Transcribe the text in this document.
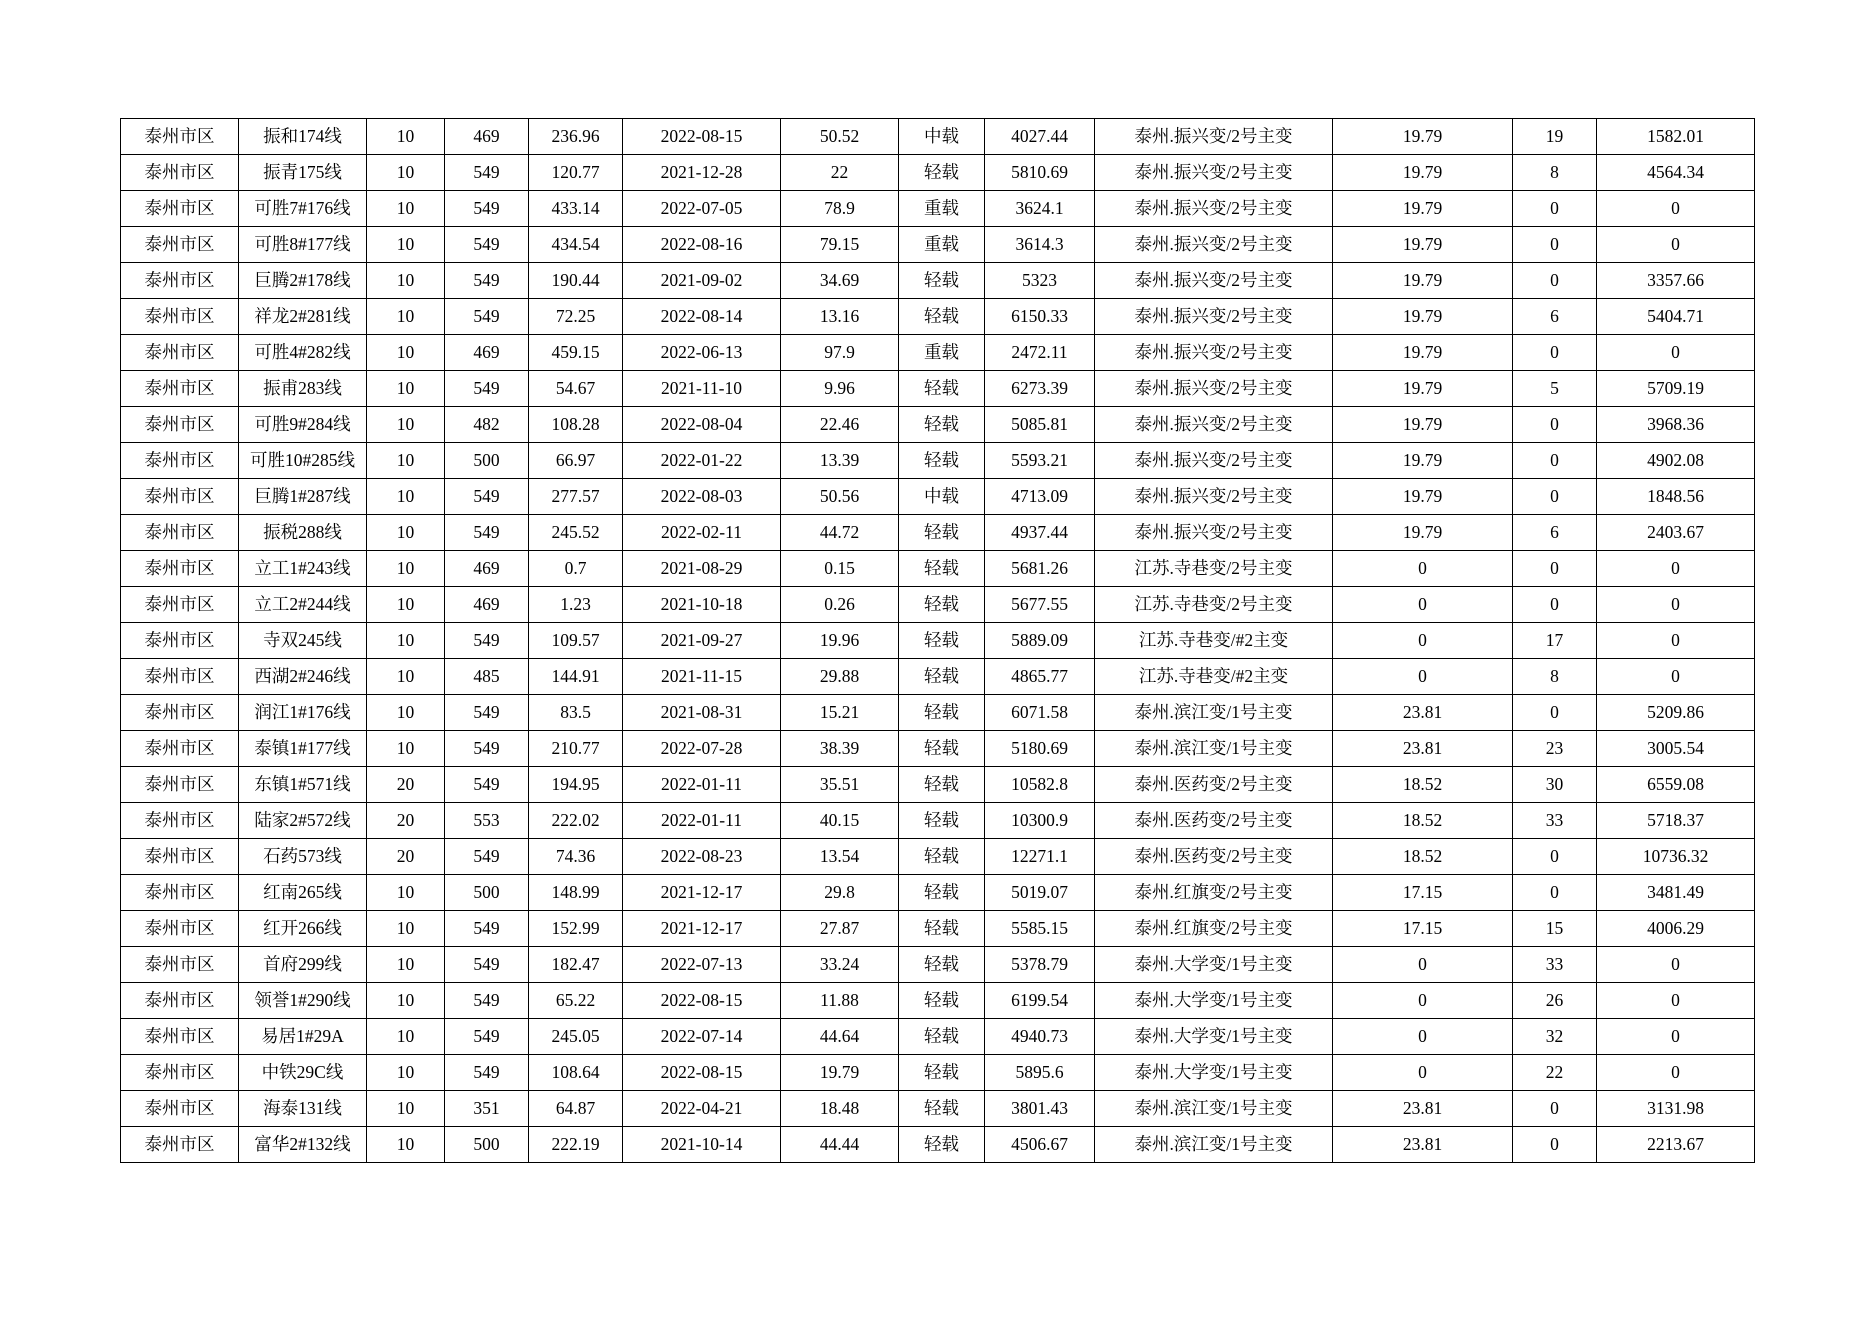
泰州市区	振和174线	10	469	236.96	2022-08-15	50.52	中载	4027.44	泰州.振兴变/2号主变	19.79	19	1582.01
泰州市区	振青175线	10	549	120.77	2021-12-28	22	轻载	5810.69	泰州.振兴变/2号主变	19.79	8	4564.34
泰州市区	可胜7#176线	10	549	433.14	2022-07-05	78.9	重载	3624.1	泰州.振兴变/2号主变	19.79	0	0
泰州市区	可胜8#177线	10	549	434.54	2022-08-16	79.15	重载	3614.3	泰州.振兴变/2号主变	19.79	0	0
泰州市区	巨腾2#178线	10	549	190.44	2021-09-02	34.69	轻载	5323	泰州.振兴变/2号主变	19.79	0	3357.66
泰州市区	祥龙2#281线	10	549	72.25	2022-08-14	13.16	轻载	6150.33	泰州.振兴变/2号主变	19.79	6	5404.71
泰州市区	可胜4#282线	10	469	459.15	2022-06-13	97.9	重载	2472.11	泰州.振兴变/2号主变	19.79	0	0
泰州市区	振甫283线	10	549	54.67	2021-11-10	9.96	轻载	6273.39	泰州.振兴变/2号主变	19.79	5	5709.19
泰州市区	可胜9#284线	10	482	108.28	2022-08-04	22.46	轻载	5085.81	泰州.振兴变/2号主变	19.79	0	3968.36
泰州市区	可胜10#285线	10	500	66.97	2022-01-22	13.39	轻载	5593.21	泰州.振兴变/2号主变	19.79	0	4902.08
泰州市区	巨腾1#287线	10	549	277.57	2022-08-03	50.56	中载	4713.09	泰州.振兴变/2号主变	19.79	0	1848.56
泰州市区	振税288线	10	549	245.52	2022-02-11	44.72	轻载	4937.44	泰州.振兴变/2号主变	19.79	6	2403.67
泰州市区	立工1#243线	10	469	0.7	2021-08-29	0.15	轻载	5681.26	江苏.寺巷变/2号主变	0	0	0
泰州市区	立工2#244线	10	469	1.23	2021-10-18	0.26	轻载	5677.55	江苏.寺巷变/2号主变	0	0	0
泰州市区	寺双245线	10	549	109.57	2021-09-27	19.96	轻载	5889.09	江苏.寺巷变/#2主变	0	17	0
泰州市区	西湖2#246线	10	485	144.91	2021-11-15	29.88	轻载	4865.77	江苏.寺巷变/#2主变	0	8	0
泰州市区	润江1#176线	10	549	83.5	2021-08-31	15.21	轻载	6071.58	泰州.滨江变/1号主变	23.81	0	5209.86
泰州市区	泰镇1#177线	10	549	210.77	2022-07-28	38.39	轻载	5180.69	泰州.滨江变/1号主变	23.81	23	3005.54
泰州市区	东镇1#571线	20	549	194.95	2022-01-11	35.51	轻载	10582.8	泰州.医药变/2号主变	18.52	30	6559.08
泰州市区	陆家2#572线	20	553	222.02	2022-01-11	40.15	轻载	10300.9	泰州.医药变/2号主变	18.52	33	5718.37
泰州市区	石药573线	20	549	74.36	2022-08-23	13.54	轻载	12271.1	泰州.医药变/2号主变	18.52	0	10736.32
泰州市区	红南265线	10	500	148.99	2021-12-17	29.8	轻载	5019.07	泰州.红旗变/2号主变	17.15	0	3481.49
泰州市区	红开266线	10	549	152.99	2021-12-17	27.87	轻载	5585.15	泰州.红旗变/2号主变	17.15	15	4006.29
泰州市区	首府299线	10	549	182.47	2022-07-13	33.24	轻载	5378.79	泰州.大学变/1号主变	0	33	0
泰州市区	领誉1#290线	10	549	65.22	2022-08-15	11.88	轻载	6199.54	泰州.大学变/1号主变	0	26	0
泰州市区	易居1#29A	10	549	245.05	2022-07-14	44.64	轻载	4940.73	泰州.大学变/1号主变	0	32	0
泰州市区	中铁29C线	10	549	108.64	2022-08-15	19.79	轻载	5895.6	泰州.大学变/1号主变	0	22	0
泰州市区	海泰131线	10	351	64.87	2022-04-21	18.48	轻载	3801.43	泰州.滨江变/1号主变	23.81	0	3131.98
泰州市区	富华2#132线	10	500	222.19	2021-10-14	44.44	轻载	4506.67	泰州.滨江变/1号主变	23.81	0	2213.67
